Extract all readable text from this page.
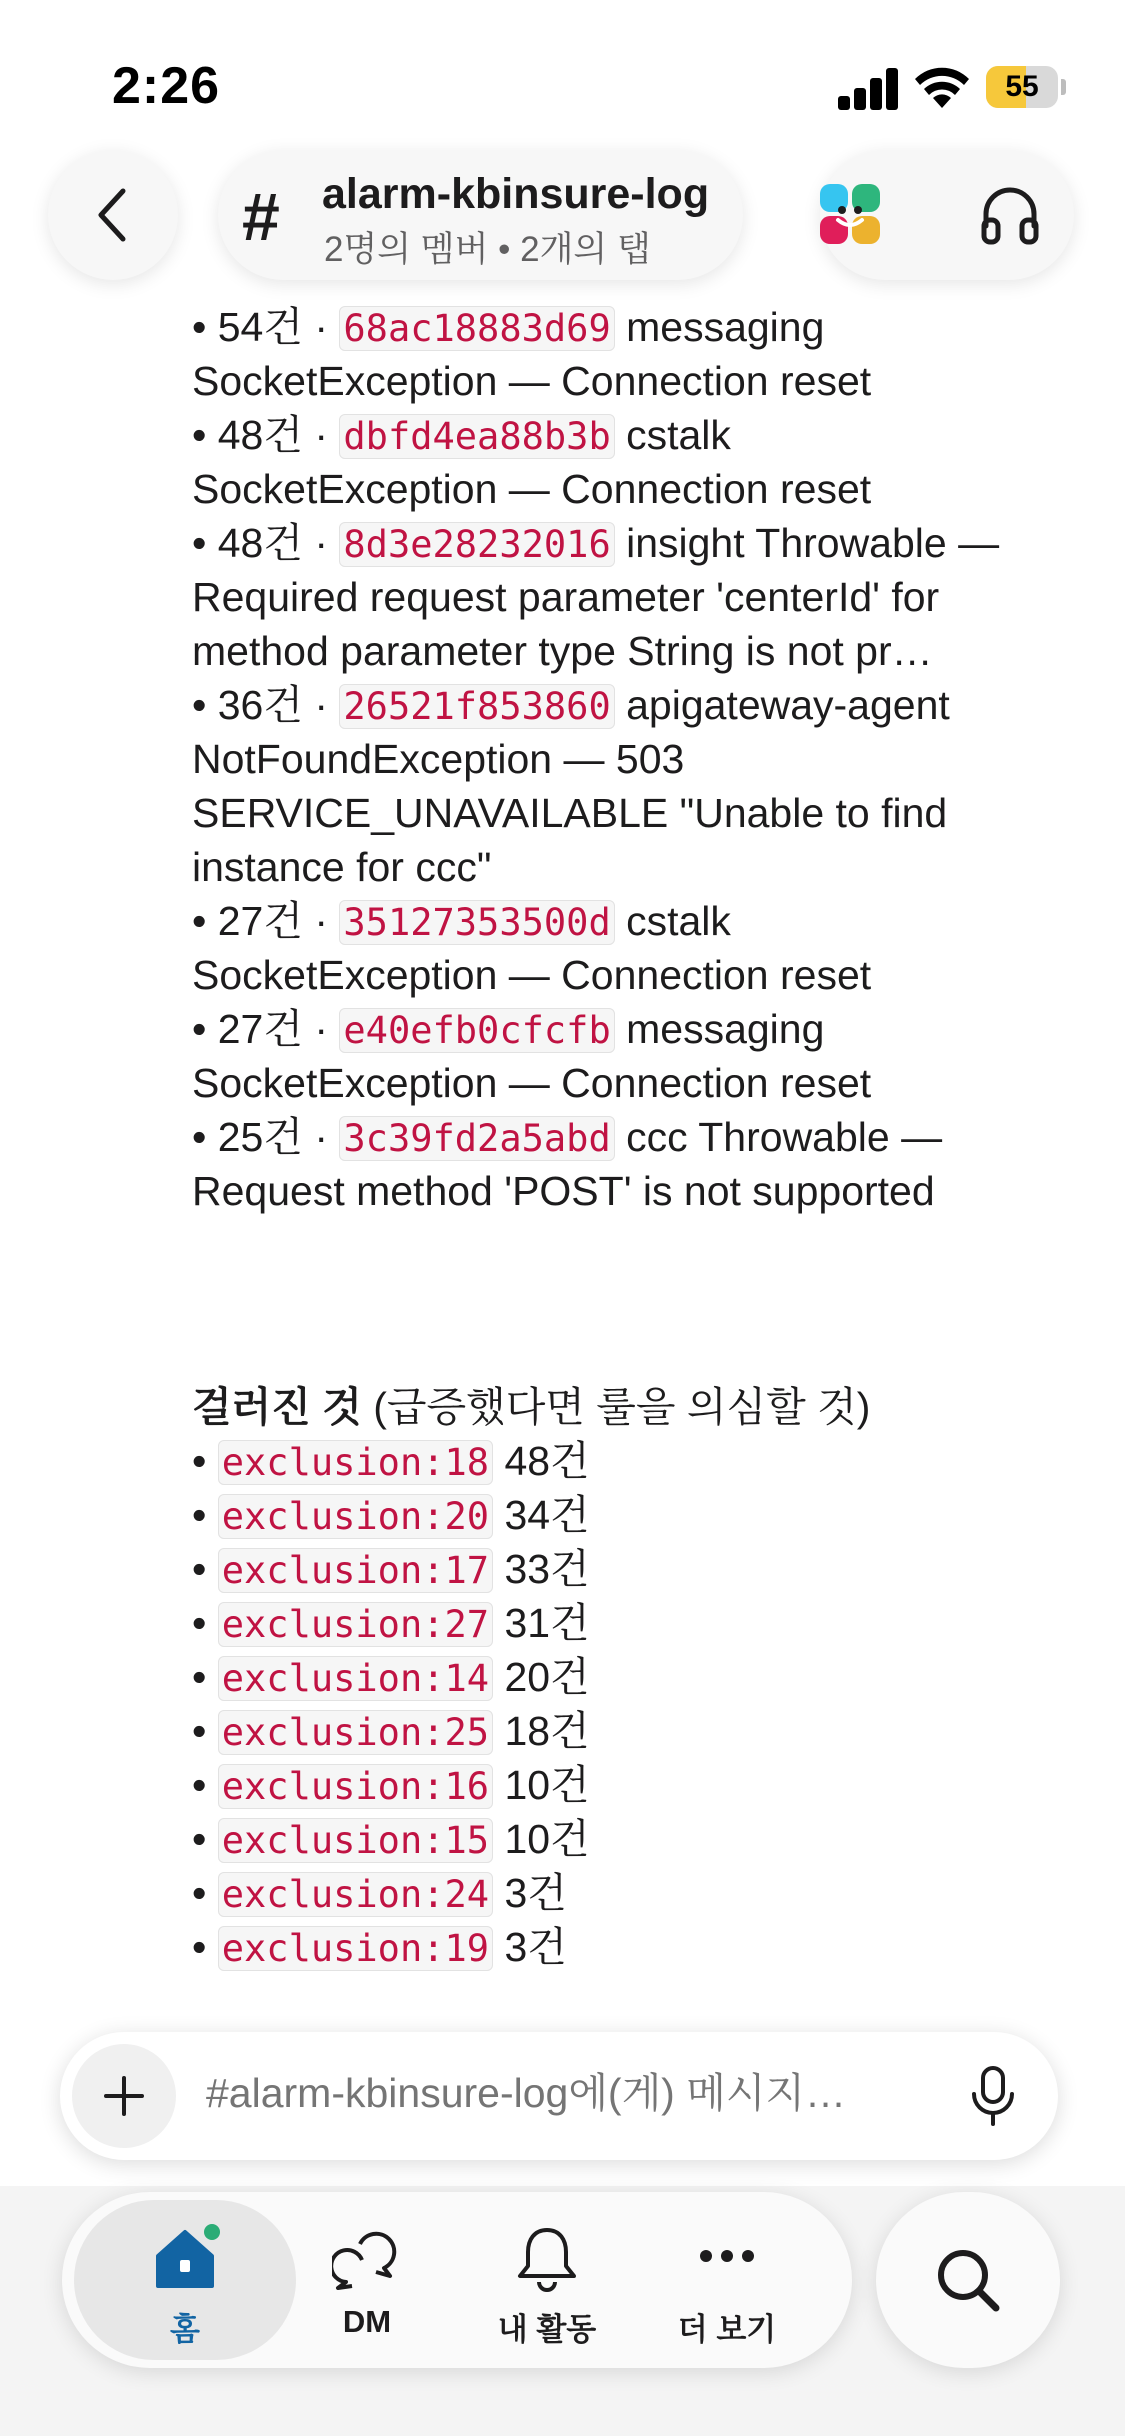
2:26	55
# alarm-kbinsure-log
2명의 멤버 • 2개의 탭
• 54건 · 68ac18883d69 messaging
SocketException — Connection reset
• 48건 · dbfd4ea88b3b cstalk
SocketException — Connection reset
• 48건 · 8d3e28232016 insight Throwable —
Required request parameter 'centerId' for
method parameter type String is not pr…
• 36건 · 26521f853860 apigateway-agent
NotFoundException — 503
SERVICE_UNAVAILABLE "Unable to find
instance for ccc"
• 27건 · 35127353500d cstalk
SocketException — Connection reset
• 27건 · e40efb0cfcfb messaging
SocketException — Connection reset
• 25건 · 3c39fd2a5abd ccc Throwable —
Request method 'POST' is not supported
걸러진 것 (급증했다면 룰을 의심할 것)
• exclusion:18 48건
• exclusion:20 34건
• exclusion:17 33건
• exclusion:27 31건
• exclusion:14 20건
• exclusion:25 18건
• exclusion:16 10건
• exclusion:15 10건
• exclusion:24 3건
• exclusion:19 3건
#alarm-kbinsure-log에(게) 메시지…
홈	DM	내 활동	더 보기
